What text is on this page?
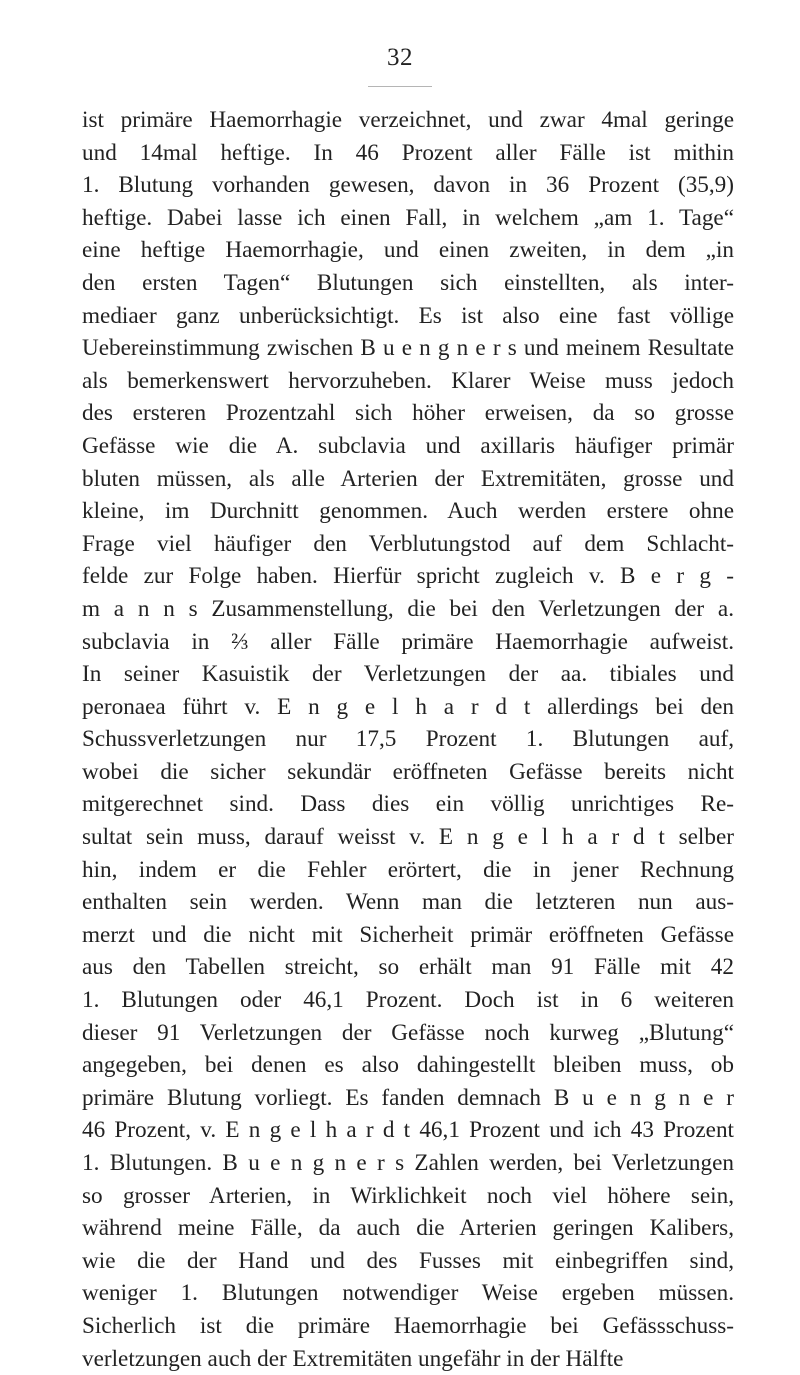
32
ist primäre Haemorrhagie verzeichnet, und zwar 4mal geringe
und 14mal heftige. In 46 Prozent aller Fälle ist mithin
1. Blutung vorhanden gewesen, davon in 36 Prozent (35,9)
heftige. Dabei lasse ich einen Fall, in welchem „am 1. Tage“
eine heftige Haemorrhagie, und einen zweiten, in dem „in
den ersten Tagen“ Blutungen sich einstellten, als inter-
mediaer ganz unberücksichtigt. Es ist also eine fast völlige
Uebereinstimmung zwischen B u e n g n e r s und meinem Resultate
als bemerkenswert hervorzuheben. Klarer Weise muss jedoch
des ersteren Prozentzahl sich höher erweisen, da so grosse
Gefässe wie die A. subclavia und axillaris häufiger primär
bluten müssen, als alle Arterien der Extremitäten, grosse und
kleine, im Durchnitt genommen. Auch werden erstere ohne
Frage viel häufiger den Verblutungstod auf dem Schlacht-
felde zur Folge haben. Hierfür spricht zugleich v. B e r g -
m a n n s Zusammenstellung, die bei den Verletzungen der a.
subclavia in ⅔ aller Fälle primäre Haemorrhagie aufweist.
In seiner Kasuistik der Verletzungen der aa. tibiales und
peronaea führt v. E n g e l h a r d t allerdings bei den
Schussverletzungen nur 17,5 Prozent 1. Blutungen auf,
wobei die sicher sekundär eröffneten Gefässe bereits nicht
mitgerechnet sind. Dass dies ein völlig unrichtiges Re-
sultat sein muss, darauf weisst v. E n g e l h a r d t selber
hin, indem er die Fehler erörtert, die in jener Rechnung
enthalten sein werden. Wenn man die letzteren nun aus-
merzt und die nicht mit Sicherheit primär eröffneten Gefässe
aus den Tabellen streicht, so erhält man 91 Fälle mit 42
1. Blutungen oder 46,1 Prozent. Doch ist in 6 weiteren
dieser 91 Verletzungen der Gefässe noch kurweg „Blutung“
angegeben, bei denen es also dahingestellt bleiben muss, ob
primäre Blutung vorliegt. Es fanden demnach B u e n g n e r
46 Prozent, v. E n g e l h a r d t 46,1 Prozent und ich 43 Prozent
1. Blutungen. B u e n g n e r s Zahlen werden, bei Verletzungen
so grosser Arterien, in Wirklichkeit noch viel höhere sein,
während meine Fälle, da auch die Arterien geringen Kalibers,
wie die der Hand und des Fusses mit einbegriffen sind,
weniger 1. Blutungen notwendiger Weise ergeben müssen.
Sicherlich ist die primäre Haemorrhagie bei Gefässschuss-
verletzungen auch der Extremitäten ungefähr in der Hälfte
